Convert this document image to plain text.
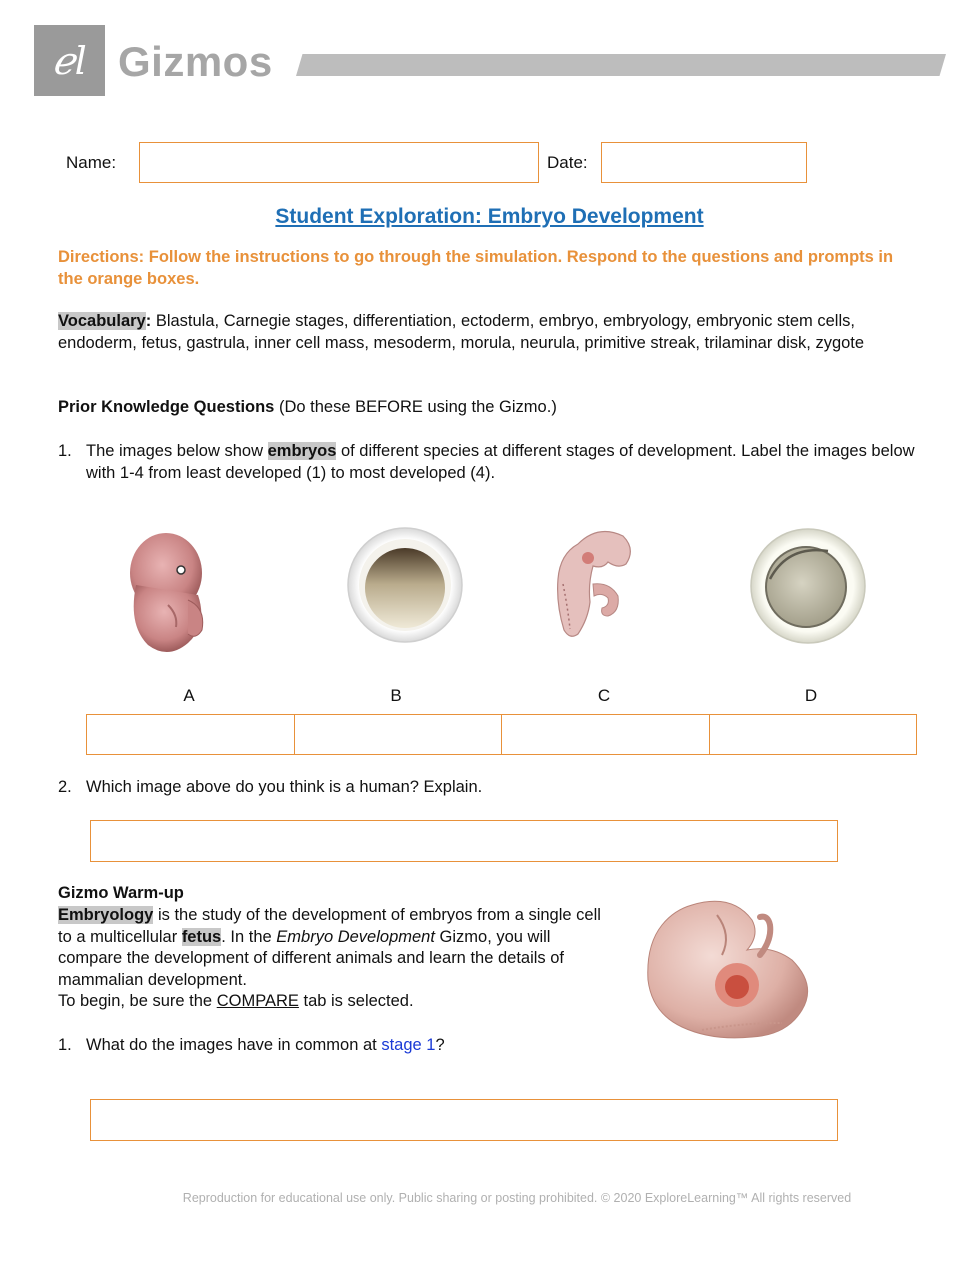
ℯl Gizmos
Name:	Date:
Student Exploration: Embryo Development
Directions: Follow the instructions to go through the simulation. Respond to the questions and prompts in the orange boxes.
Vocabulary: Blastula, Carnegie stages, differentiation, ectoderm, embryo, embryology, embryonic stem cells, endoderm, fetus, gastrula, inner cell mass, mesoderm, morula, neurula, primitive streak, trilaminar disk, zygote
Prior Knowledge Questions (Do these BEFORE using the Gizmo.)
1. The images below show embryos of different species at different stages of development. Label the images below with 1-4 from least developed (1) to most developed (4).
A	B	C	D
2. Which image above do you think is a human? Explain.
Gizmo Warm-up
Embryology is the study of the development of embryos from a single cell to a multicellular fetus. In the Embryo Development Gizmo, you will compare the development of different animals and learn the details of mammalian development.
To begin, be sure the COMPARE tab is selected.
1. What do the images have in common at stage 1?
Reproduction for educational use only. Public sharing or posting prohibited. © 2020 ExploreLearning™ All rights reserved
